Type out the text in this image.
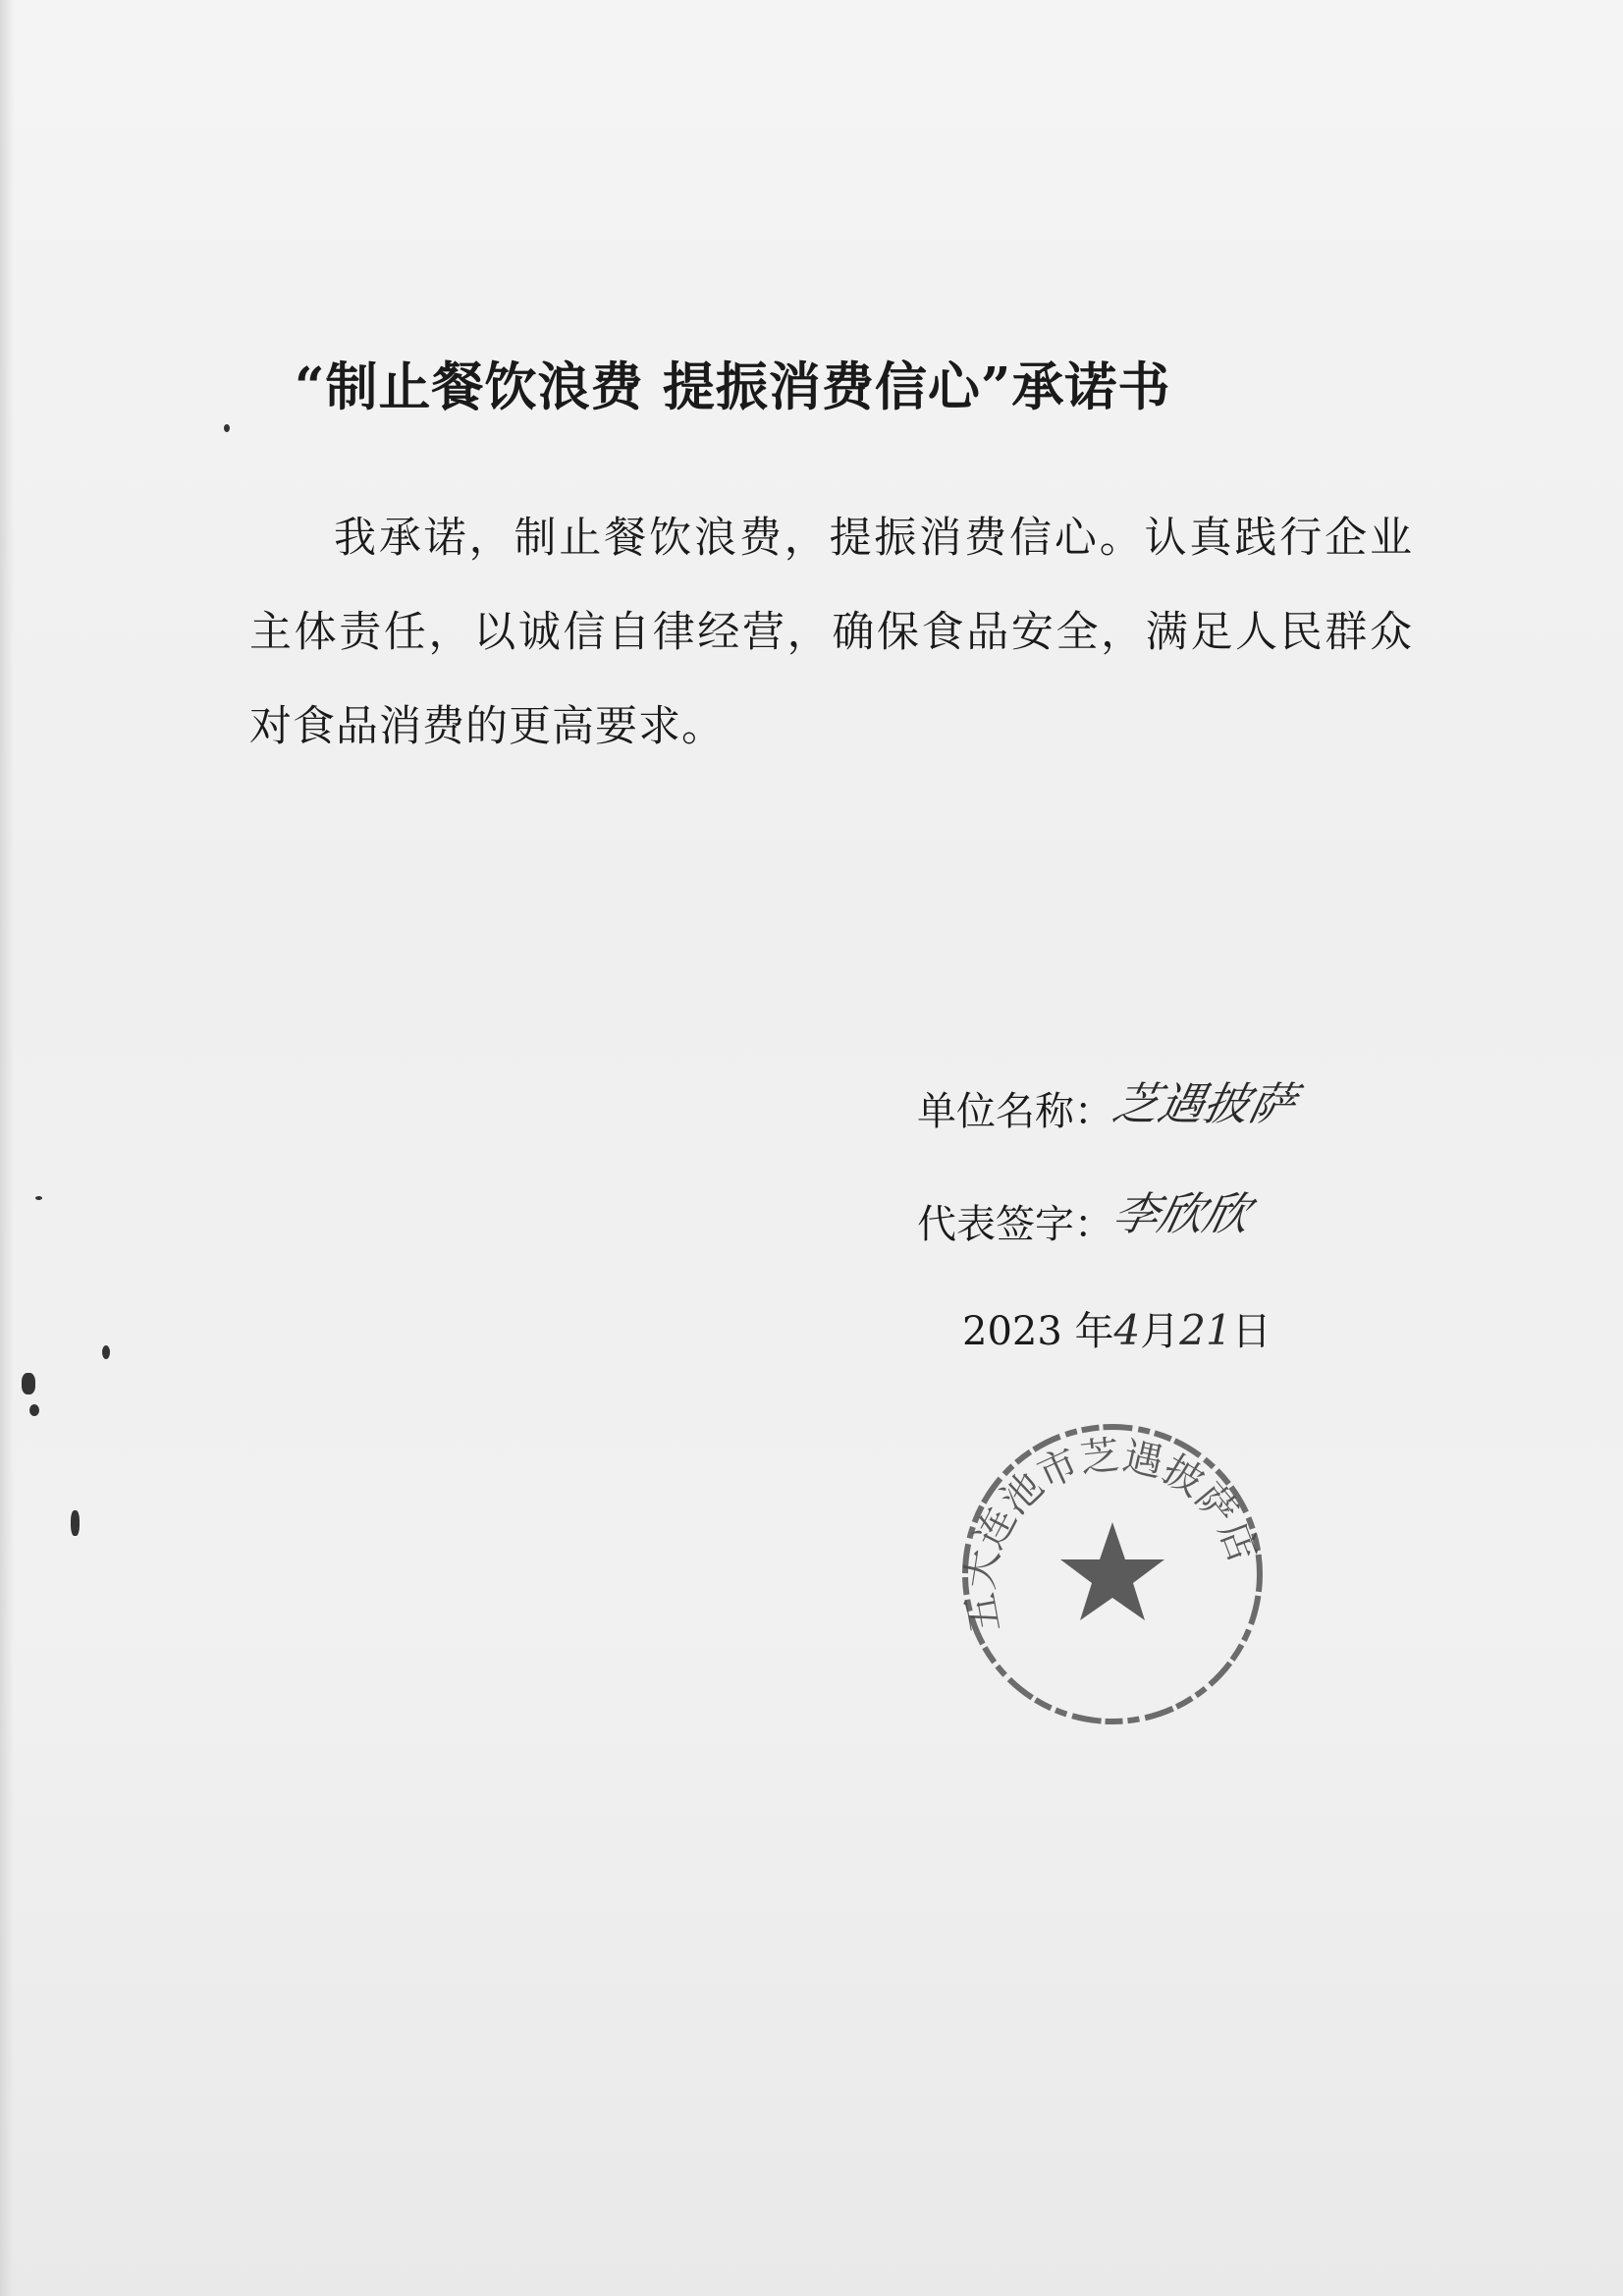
“制止餐饮浪费 提振消费信心”承诺书
我承诺，制止餐饮浪费，提振消费信心。认真践行企业主体责任，以诚信自律经营，确保食品安全，满足人民群众对食品消费的更高要求。
单位名称：
芝遇披萨
代表签字：
李欣欣
2023 年4月21日
五大连池市芝遇披萨店
